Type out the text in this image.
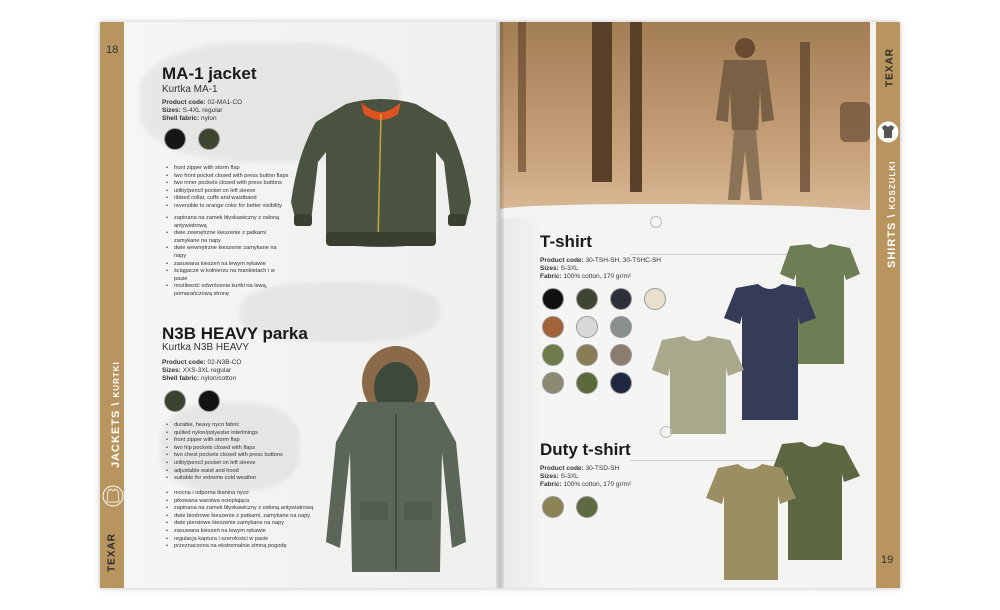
18
JACKETS \ KURTKI
TEXAR
MA-1 jacket
Kurtka MA-1
Product code: 02-MA1-CO
Sizes: S-4XL regular
Shell fabric: nylon
• front zipper with storm flap
• two front pocket closed with press button flaps
• two inner pockets closed with press buttons
• utility/pencil pocket on left sleeve
• ribbed collar, cuffs and waistband
• reversible to orange color for better visibility
• zapinana na zamek błyskawiczny z osłoną antywiatrową
• dwie zewnętrzne kieszenie z patkami zamykane na napy
• dwie wewnętrzne kieszenie zamykane na napy
• zasuwana kieszeń na lewym rękawie
• ściągacze w kołnierzu na mankietach i w pasie
• możliwość odwrócenia kurtki na lewą, pomarańczową stronę
N3B HEAVY parka
Kurtka N3B HEAVY
Product code: 02-N3B-CO
Sizes: XXS-3XL regular
Shell fabric: nylon/cotton
• durable, heavy nyco fabric
• quilted nylon/polyester interlinings
• front zipper with storm flap
• two hip pockets closed with flaps
• two chest pockets closed with press buttons
• utility/pencil pocket on left sleeve
• adjustable waist and hood
• suitable for extreme cold weather
• mocna i odporna tkanina nyco
• pikowana warstwa ocieplająca
• zapinana na zamek błyskawiczny z osłoną antywiatrową
• dwie biodrowe kieszenie z patkami, zamykane na napy
• dwie piersiowe kieszenie zamykane na napy
• zasuwana kieszeń na lewym rękawie
• regulacja kaptura i szerokości w pasie
• przeznaczona na ekstremalnie zimną pogodę
TEXAR
SHIRTS \ KOSZULKI
19
T-shirt
Product code: 30-TSH-SH, 30-TSHC-SH
Sizes: S-3XL
Fabric: 100% cotton, 170 gr/m²
Duty t-shirt
Product code: 30-TSD-SH
Sizes: S-3XL
Fabric: 100% cotton, 170 gr/m²
